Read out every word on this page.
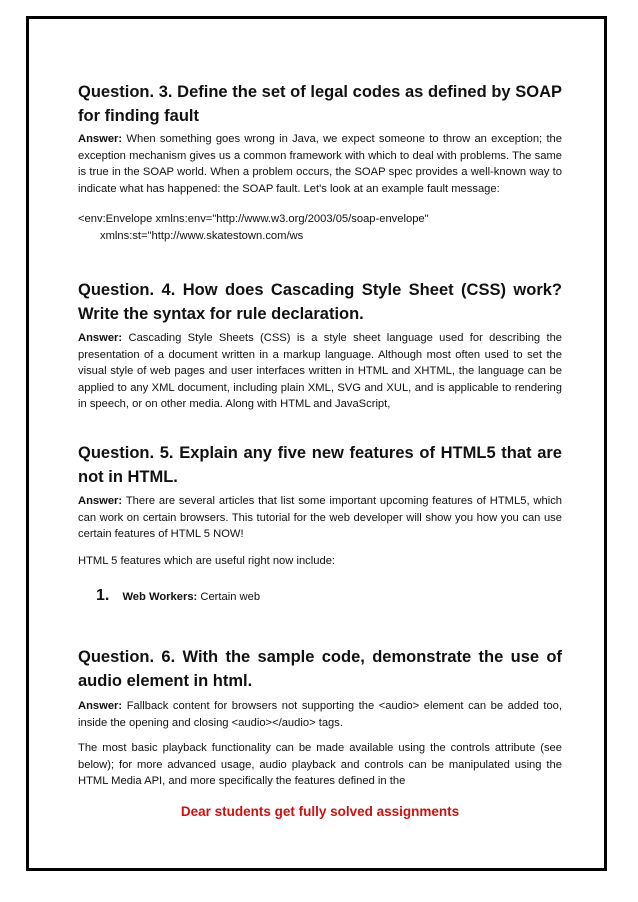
Question. 3. Define the set of legal codes as defined by SOAP for finding fault

Answer: When something goes wrong in Java, we expect someone to throw an exception; the exception mechanism gives us a common framework with which to deal with problems. The same is true in the SOAP world. When a problem occurs, the SOAP spec provides a well-known way to indicate what has happened: the SOAP fault. Let's look at an example fault message:

<env:Envelope xmlns:env="http://www.w3.org/2003/05/soap-envelope"
xmlns:st="http://www.skatestown.com/ws
Question. 4. How does Cascading Style Sheet (CSS) work? Write the syntax for rule declaration.

Answer: Cascading Style Sheets (CSS) is a style sheet language used for describing the presentation of a document written in a markup language. Although most often used to set the visual style of web pages and user interfaces written in HTML and XHTML, the language can be applied to any XML document, including plain XML, SVG and XUL, and is applicable to rendering in speech, or on other media. Along with HTML and JavaScript,

Question. 5. Explain any five new features of HTML5 that are not in HTML.

Answer: There are several articles that list some important upcoming features of HTML5, which can work on certain browsers. This tutorial for the web developer will show you how you can use certain features of HTML 5 NOW!

HTML 5 features which are useful right now include:

1. Web Workers: Certain web
Question. 6. With the sample code, demonstrate the use of audio element in html.

Answer: Fallback content for browsers not supporting the <audio> element can be added too, inside the opening and closing <audio></audio> tags.

The most basic playback functionality can be made available using the controls attribute (see below); for more advanced usage, audio playback and controls can be manipulated using the HTML Media API, and more specifically the features defined in the

Dear students get fully solved assignments
